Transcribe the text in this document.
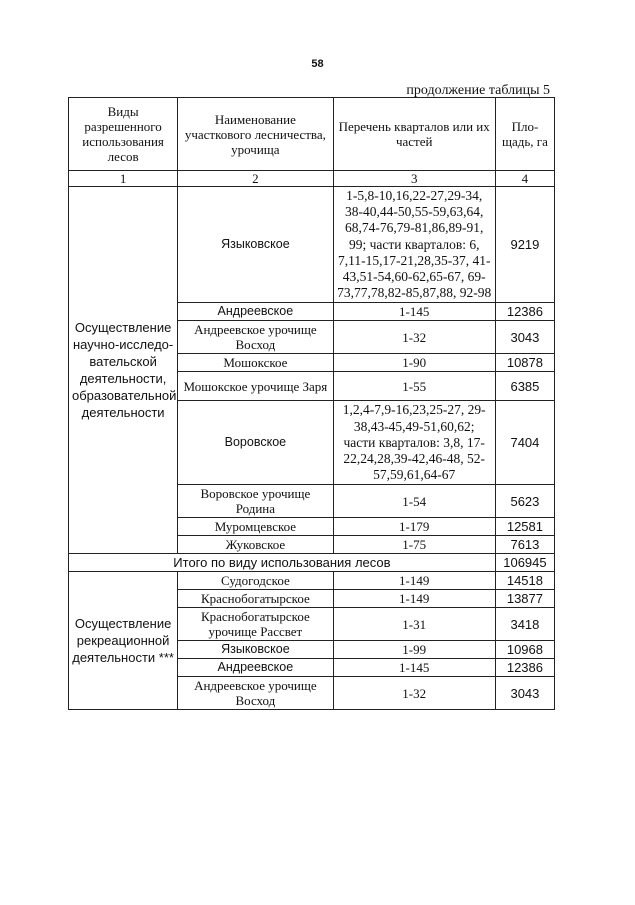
58
продолжение таблицы 5
Виды разрешенного использования лесов	Наименование участкового лесничества, урочища	Перечень кварталов или их частей	Пло-щадь, га
1	2	3	4
Осуществление научно-исследо-вательской деятельности, образовательной деятельности	Языковское	1-5,8-10,16,22-27,29-34, 38-40,44-50,55-59,63,64, 68,74-76,79-81,86,89-91, 99; части кварталов: 6, 7,11-15,17-21,28,35-37, 41-43,51-54,60-62,65-67, 69-73,77,78,82-85,87,88, 92-98	9219
	Андреевское	1-145	12386
	Андреевское урочище Восход	1-32	3043
	Мошокское	1-90	10878
	Мошокское урочище Заря	1-55	6385
	Воровское	1,2,4-7,9-16,23,25-27, 29-38,43-45,49-51,60,62; части кварталов: 3,8, 17-22,24,28,39-42,46-48, 52-57,59,61,64-67	7404
	Воровское урочище Родина	1-54	5623
	Муромцевское	1-179	12581
	Жуковское	1-75	7613
Итого по виду использования лесов			106945
Осуществление рекреационной деятельности ***	Судогодское	1-149	14518
	Краснобогатырское	1-149	13877
	Краснобогатырское урочище Рассвет	1-31	3418
	Языковское	1-99	10968
	Андреевское	1-145	12386
	Андреевское урочище Восход	1-32	3043
